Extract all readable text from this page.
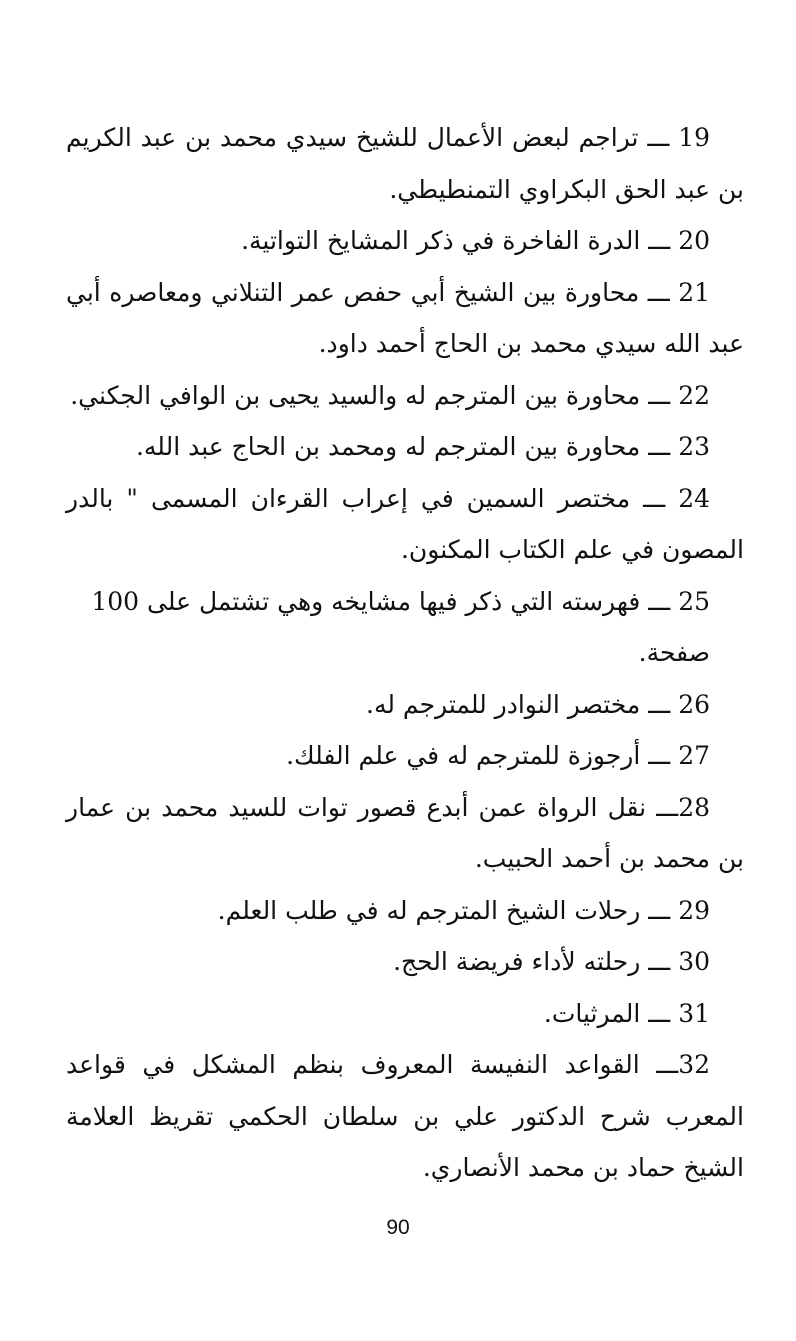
19 ـــ تراجم لبعض الأعمال للشيخ سيدي محمد بن عبد الكريم بن عبد الحق البكراوي التمنطيطي.

20 ـــ الدرة الفاخرة في ذكر المشايخ التواتية.

21 ـــ محاورة بين الشيخ أبي حفص عمر التنلاني ومعاصره أبي عبد الله سيدي محمد بن الحاج أحمد داود.

22 ـــ محاورة بين المترجم له والسيد يحيى بن الوافي الجكني.

23 ـــ محاورة بين المترجم له ومحمد بن الحاج عبد الله.

24 ـــ مختصر السمين في إعراب القرءان المسمى " بالدر المصون في علم الكتاب المكنون.

25 ـــ فهرسته التي ذكر فيها مشايخه وهي تشتمل على 100 صفحة.

26 ـــ مختصر النوادر للمترجم له.

27 ـــ أرجوزة للمترجم له في علم الفلك.

28ـــ نقل الرواة عمن أبدع قصور توات للسيد محمد بن عمار بن محمد بن أحمد الحبيب.

29 ـــ رحلات الشيخ المترجم له في طلب العلم.

30 ـــ رحلته لأداء فريضة الحج.

31 ـــ المرثيات.

32ـــ القواعد النفيسة المعروف بنظم المشكل في قواعد المعرب شرح الدكتور علي بن سلطان الحكمي تقريظ العلامة الشيخ حماد بن محمد الأنصاري.

90
